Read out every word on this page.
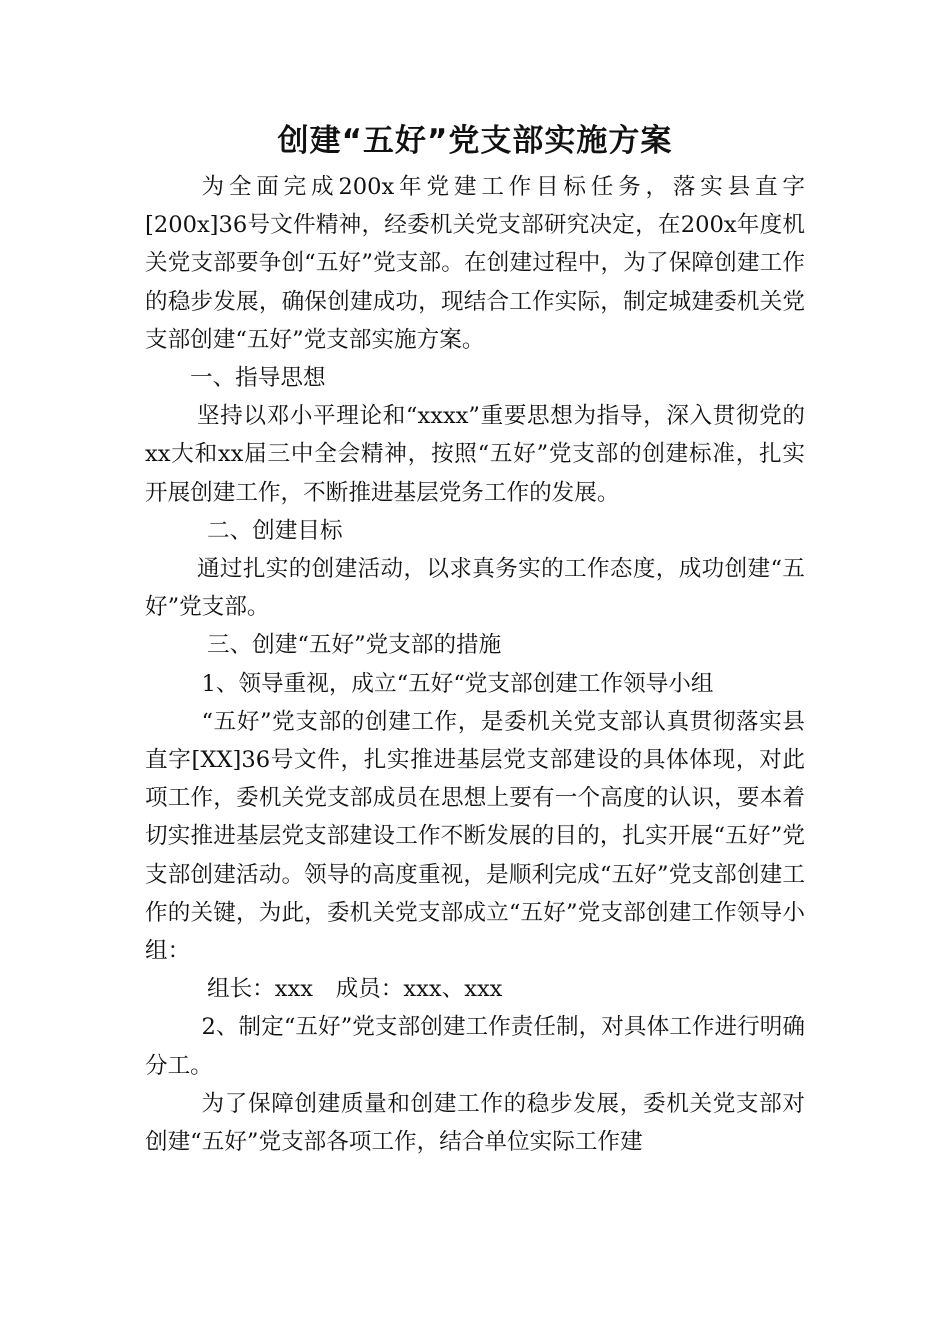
创建“五好”党支部实施方案

为全面完成200x年党建工作目标任务，落实县直字[200x]36号文件精神，经委机关党支部研究决定，在200x年度机关党支部要争创“五好”党支部。在创建过程中，为了保障创建工作的稳步发展，确保创建成功，现结合工作实际，制定城建委机关党支部创建“五好”党支部实施方案。

一、指导思想

坚持以邓小平理论和“xxxx”重要思想为指导，深入贯彻党的xx大和xx届三中全会精神，按照“五好”党支部的创建标准，扎实开展创建工作，不断推进基层党务工作的发展。

二、创建目标

通过扎实的创建活动，以求真务实的工作态度，成功创建“五好”党支部。

三、创建“五好”党支部的措施

1、领导重视，成立“五好“党支部创建工作领导小组

“五好”党支部的创建工作，是委机关党支部认真贯彻落实县直字[XX]36号文件，扎实推进基层党支部建设的具体体现，对此项工作，委机关党支部成员在思想上要有一个高度的认识，要本着切实推进基层党支部建设工作不断发展的目的，扎实开展“五好”党支部创建活动。领导的高度重视，是顺利完成“五好”党支部创建工作的关键，为此，委机关党支部成立“五好”党支部创建工作领导小组：

组长：xxx　成员：xxx、xxx

2、制定“五好”党支部创建工作责任制，对具体工作进行明确分工。

为了保障创建质量和创建工作的稳步发展，委机关党支部对创建“五好”党支部各项工作，结合单位实际工作建
